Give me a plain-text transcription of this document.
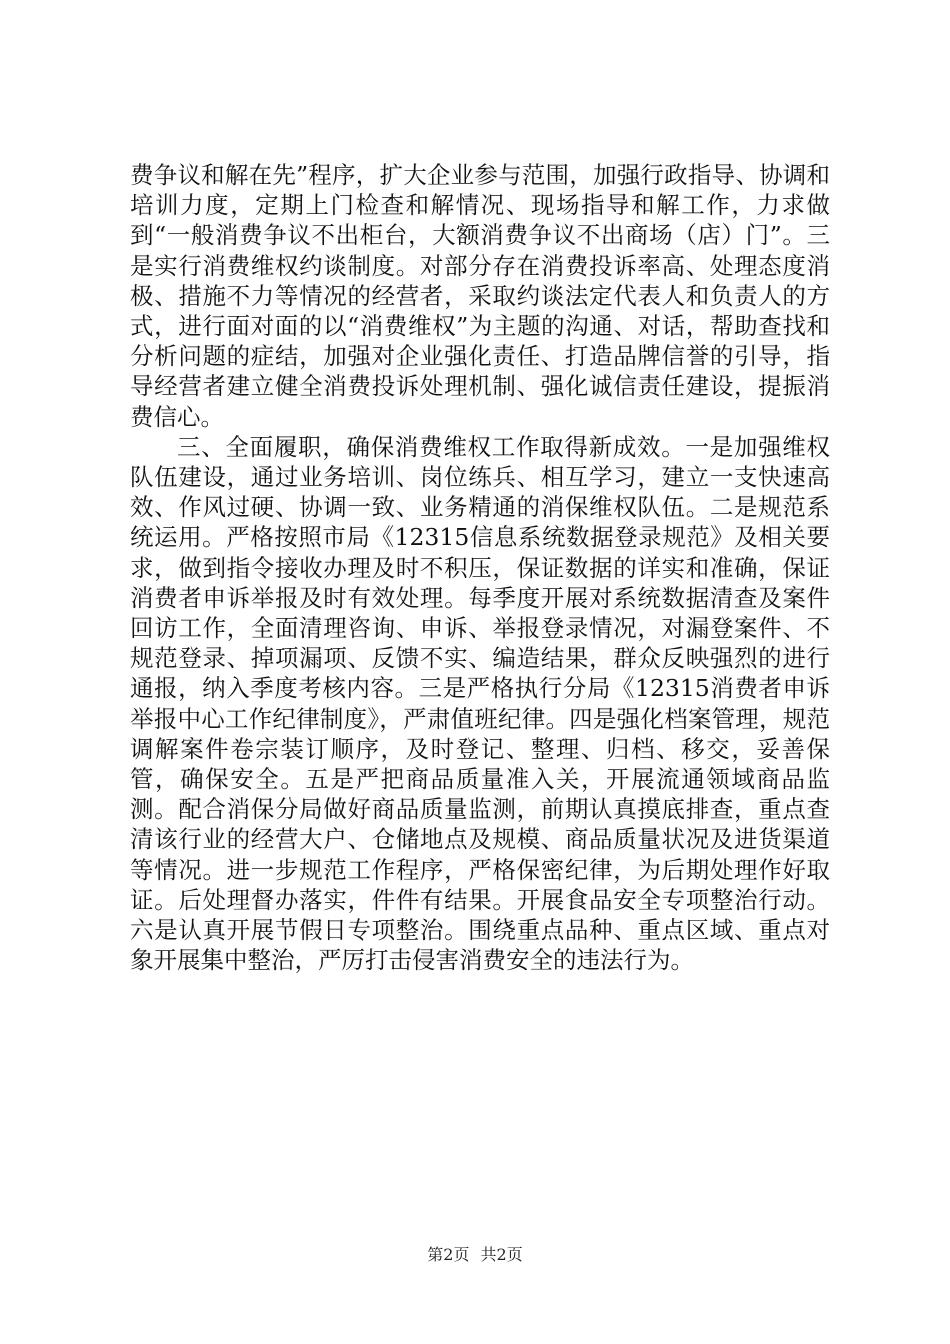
费争议和解在先”程序，扩大企业参与范围，加强行政指导、协调和培训力度，定期上门检查和解情况、现场指导和解工作，力求做到“一般消费争议不出柜台，大额消费争议不出商场（店）门”。三是实行消费维权约谈制度。对部分存在消费投诉率高、处理态度消极、措施不力等情况的经营者，采取约谈法定代表人和负责人的方式，进行面对面的以“消费维权”为主题的沟通、对话，帮助查找和分析问题的症结，加强对企业强化责任、打造品牌信誉的引导，指导经营者建立健全消费投诉处理机制、强化诚信责任建设，提振消费信心。

三、全面履职，确保消费维权工作取得新成效。一是加强维权队伍建设，通过业务培训、岗位练兵、相互学习，建立一支快速高效、作风过硬、协调一致、业务精通的消保维权队伍。二是规范系统运用。严格按照市局《12315信息系统数据登录规范》及相关要求，做到指令接收办理及时不积压，保证数据的详实和准确，保证消费者申诉举报及时有效处理。每季度开展对系统数据清查及案件回访工作，全面清理咨询、申诉、举报登录情况，对漏登案件、不规范登录、掉项漏项、反馈不实、编造结果，群众反映强烈的进行通报，纳入季度考核内容。三是严格执行分局《12315消费者申诉举报中心工作纪律制度》，严肃值班纪律。四是强化档案管理，规范调解案件卷宗装订顺序，及时登记、整理、归档、移交，妥善保管，确保安全。五是严把商品质量准入关，开展流通领域商品监测。配合消保分局做好商品质量监测，前期认真摸底排查，重点查清该行业的经营大户、仓储地点及规模、商品质量状况及进货渠道等情况。进一步规范工作程序，严格保密纪律，为后期处理作好取证。后处理督办落实，件件有结果。开展食品安全专项整治行动。六是认真开展节假日专项整治。围绕重点品种、重点区域、重点对象开展集中整治，严厉打击侵害消费安全的违法行为。

第2页 共2页
